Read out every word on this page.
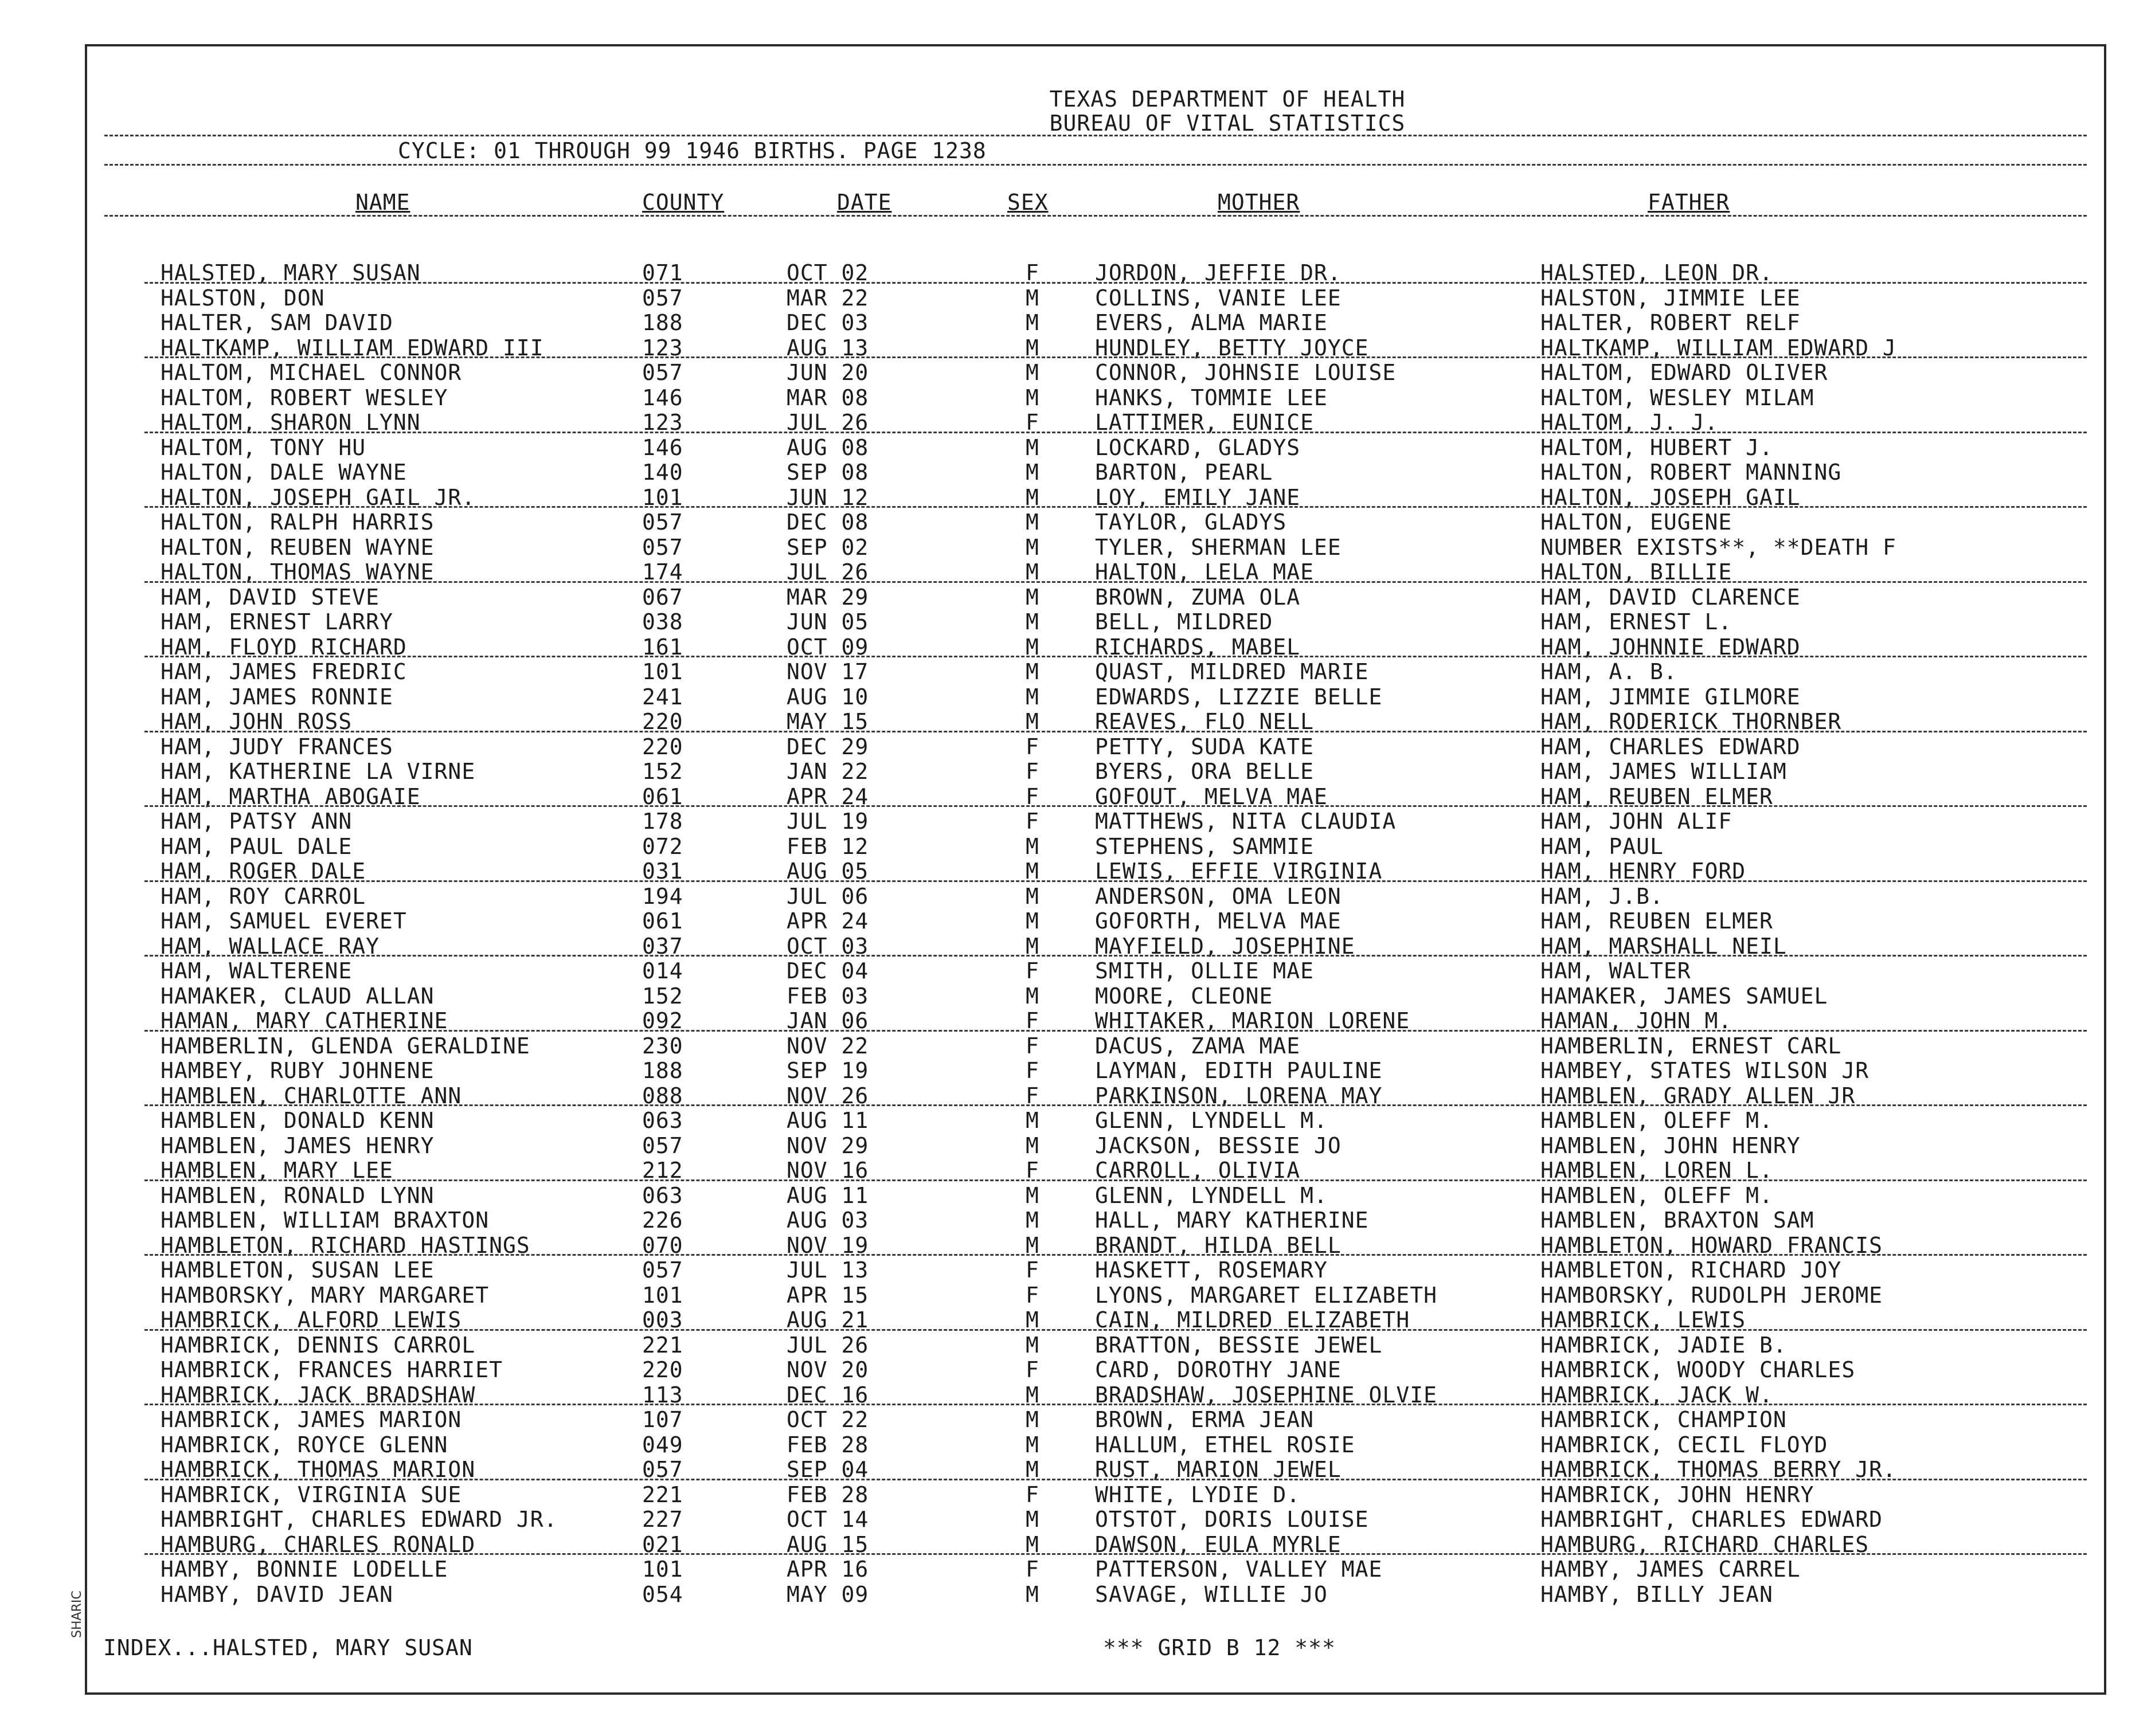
TEXAS DEPARTMENT OF HEALTH
BUREAU OF VITAL STATISTICS
CYCLE: 01 THROUGH 99 1946 BIRTHS. PAGE 1238
NAME	COUNTY	DATE	SEX	MOTHER	FATHER
HALSTED, MARY SUSAN	071	OCT 02	F	JORDON, JEFFIE DR.	HALSTED, LEON DR.
HALSTON, DON	057	MAR 22	M	COLLINS, VANIE LEE	HALSTON, JIMMIE LEE
HALTER, SAM DAVID	188	DEC 03	M	EVERS, ALMA MARIE	HALTER, ROBERT RELF
HALTKAMP, WILLIAM EDWARD III	123	AUG 13	M	HUNDLEY, BETTY JOYCE	HALTKAMP, WILLIAM EDWARD J
HALTOM, MICHAEL CONNOR	057	JUN 20	M	CONNOR, JOHNSIE LOUISE	HALTOM, EDWARD OLIVER
HALTOM, ROBERT WESLEY	146	MAR 08	M	HANKS, TOMMIE LEE	HALTOM, WESLEY MILAM
HALTOM, SHARON LYNN	123	JUL 26	F	LATTIMER, EUNICE	HALTOM, J. J.
HALTOM, TONY HU	146	AUG 08	M	LOCKARD, GLADYS	HALTOM, HUBERT J.
HALTON, DALE WAYNE	140	SEP 08	M	BARTON, PEARL	HALTON, ROBERT MANNING
HALTON, JOSEPH GAIL JR.	101	JUN 12	M	LOY, EMILY JANE	HALTON, JOSEPH GAIL
HALTON, RALPH HARRIS	057	DEC 08	M	TAYLOR, GLADYS	HALTON, EUGENE
HALTON, REUBEN WAYNE	057	SEP 02	M	TYLER, SHERMAN LEE	NUMBER EXISTS**, **DEATH F
HALTON, THOMAS WAYNE	174	JUL 26	M	HALTON, LELA MAE	HALTON, BILLIE
HAM, DAVID STEVE	067	MAR 29	M	BROWN, ZUMA OLA	HAM, DAVID CLARENCE
HAM, ERNEST LARRY	038	JUN 05	M	BELL, MILDRED	HAM, ERNEST L.
HAM, FLOYD RICHARD	161	OCT 09	M	RICHARDS, MABEL	HAM, JOHNNIE EDWARD
HAM, JAMES FREDRIC	101	NOV 17	M	QUAST, MILDRED MARIE	HAM, A. B.
HAM, JAMES RONNIE	241	AUG 10	M	EDWARDS, LIZZIE BELLE	HAM, JIMMIE GILMORE
HAM, JOHN ROSS	220	MAY 15	M	REAVES, FLO NELL	HAM, RODERICK THORNBER
HAM, JUDY FRANCES	220	DEC 29	F	PETTY, SUDA KATE	HAM, CHARLES EDWARD
HAM, KATHERINE LA VIRNE	152	JAN 22	F	BYERS, ORA BELLE	HAM, JAMES WILLIAM
HAM, MARTHA ABOGAIE	061	APR 24	F	GOFOUT, MELVA MAE	HAM, REUBEN ELMER
HAM, PATSY ANN	178	JUL 19	F	MATTHEWS, NITA CLAUDIA	HAM, JOHN ALIF
HAM, PAUL DALE	072	FEB 12	M	STEPHENS, SAMMIE	HAM, PAUL
HAM, ROGER DALE	031	AUG 05	M	LEWIS, EFFIE VIRGINIA	HAM, HENRY FORD
HAM, ROY CARROL	194	JUL 06	M	ANDERSON, OMA LEON	HAM, J.B.
HAM, SAMUEL EVERET	061	APR 24	M	GOFORTH, MELVA MAE	HAM, REUBEN ELMER
HAM, WALLACE RAY	037	OCT 03	M	MAYFIELD, JOSEPHINE	HAM, MARSHALL NEIL
HAM, WALTERENE	014	DEC 04	F	SMITH, OLLIE MAE	HAM, WALTER
HAMAKER, CLAUD ALLAN	152	FEB 03	M	MOORE, CLEONE	HAMAKER, JAMES SAMUEL
HAMAN, MARY CATHERINE	092	JAN 06	F	WHITAKER, MARION LORENE	HAMAN, JOHN M.
HAMBERLIN, GLENDA GERALDINE	230	NOV 22	F	DACUS, ZAMA MAE	HAMBERLIN, ERNEST CARL
HAMBEY, RUBY JOHNENE	188	SEP 19	F	LAYMAN, EDITH PAULINE	HAMBEY, STATES WILSON JR
HAMBLEN, CHARLOTTE ANN	088	NOV 26	F	PARKINSON, LORENA MAY	HAMBLEN, GRADY ALLEN JR
HAMBLEN, DONALD KENN	063	AUG 11	M	GLENN, LYNDELL M.	HAMBLEN, OLEFF M.
HAMBLEN, JAMES HENRY	057	NOV 29	M	JACKSON, BESSIE JO	HAMBLEN, JOHN HENRY
HAMBLEN, MARY LEE	212	NOV 16	F	CARROLL, OLIVIA	HAMBLEN, LOREN L.
HAMBLEN, RONALD LYNN	063	AUG 11	M	GLENN, LYNDELL M.	HAMBLEN, OLEFF M.
HAMBLEN, WILLIAM BRAXTON	226	AUG 03	M	HALL, MARY KATHERINE	HAMBLEN, BRAXTON SAM
HAMBLETON, RICHARD HASTINGS	070	NOV 19	M	BRANDT, HILDA BELL	HAMBLETON, HOWARD FRANCIS
HAMBLETON, SUSAN LEE	057	JUL 13	F	HASKETT, ROSEMARY	HAMBLETON, RICHARD JOY
HAMBORSKY, MARY MARGARET	101	APR 15	F	LYONS, MARGARET ELIZABETH	HAMBORSKY, RUDOLPH JEROME
HAMBRICK, ALFORD LEWIS	003	AUG 21	M	CAIN, MILDRED ELIZABETH	HAMBRICK, LEWIS
HAMBRICK, DENNIS CARROL	221	JUL 26	M	BRATTON, BESSIE JEWEL	HAMBRICK, JADIE B.
HAMBRICK, FRANCES HARRIET	220	NOV 20	F	CARD, DOROTHY JANE	HAMBRICK, WOODY CHARLES
HAMBRICK, JACK BRADSHAW	113	DEC 16	M	BRADSHAW, JOSEPHINE OLVIE	HAMBRICK, JACK W.
HAMBRICK, JAMES MARION	107	OCT 22	M	BROWN, ERMA JEAN	HAMBRICK, CHAMPION
HAMBRICK, ROYCE GLENN	049	FEB 28	M	HALLUM, ETHEL ROSIE	HAMBRICK, CECIL FLOYD
HAMBRICK, THOMAS MARION	057	SEP 04	M	RUST, MARION JEWEL	HAMBRICK, THOMAS BERRY JR.
HAMBRICK, VIRGINIA SUE	221	FEB 28	F	WHITE, LYDIE D.	HAMBRICK, JOHN HENRY
HAMBRIGHT, CHARLES EDWARD JR.	227	OCT 14	M	OTSTOT, DORIS LOUISE	HAMBRIGHT, CHARLES EDWARD
HAMBURG, CHARLES RONALD	021	AUG 15	M	DAWSON, EULA MYRLE	HAMBURG, RICHARD CHARLES
HAMBY, BONNIE LODELLE	101	APR 16	F	PATTERSON, VALLEY MAE	HAMBY, JAMES CARREL
HAMBY, DAVID JEAN	054	MAY 09	M	SAVAGE, WILLIE JO	HAMBY, BILLY JEAN
INDEX...HALSTED, MARY SUSAN	*** GRID B 12 ***
SHARIC
